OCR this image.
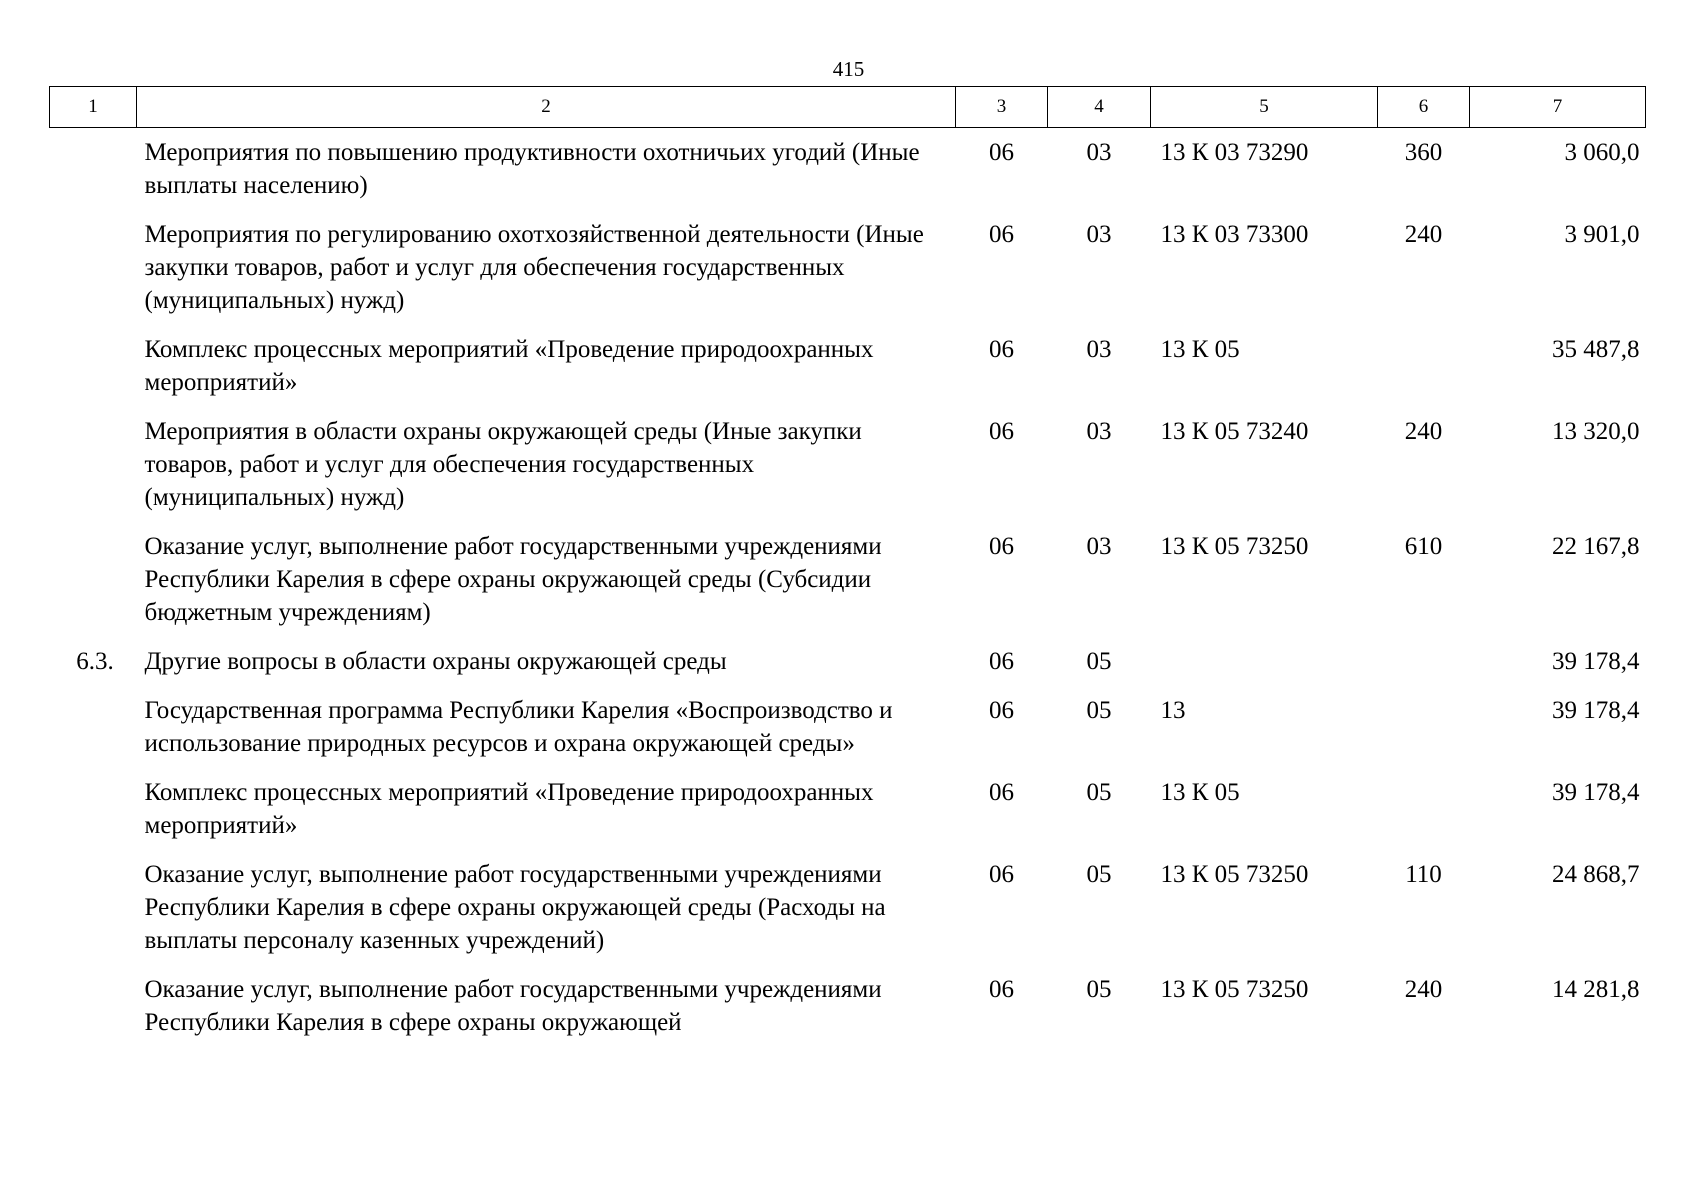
415
1	2	3	4	5	6	7
	Мероприятия по повышению продуктивности охотничьих угодий (Иные выплаты населению)	06	03	13 К 03 73290	360	3 060,0
	Мероприятия по регулированию охотхозяйственной деятельности (Иные закупки товаров, работ и услуг для обеспечения государственных (муниципальных) нужд)	06	03	13 К 03 73300	240	3 901,0
	Комплекс процессных мероприятий «Проведение природоохранных мероприятий»	06	03	13 К 05		35 487,8
	Мероприятия в области охраны окружающей среды (Иные закупки товаров, работ и услуг для обеспечения государственных (муниципальных) нужд)	06	03	13 К 05 73240	240	13 320,0
	Оказание услуг, выполнение работ государственными учреждениями Республики Карелия в сфере охраны окружающей среды (Субсидии бюджетным учреждениям)	06	03	13 К 05 73250	610	22 167,8
6.3.	Другие вопросы в области охраны окружающей среды	06	05			39 178,4
	Государственная программа Республики Карелия «Воспроизводство и использование природных ресурсов и охрана окружающей среды»	06	05	13		39 178,4
	Комплекс процессных мероприятий «Проведение природоохранных мероприятий»	06	05	13 К 05		39 178,4
	Оказание услуг, выполнение работ государственными учреждениями Республики Карелия в сфере охраны окружающей среды (Расходы на выплаты персоналу казенных учреждений)	06	05	13 К 05 73250	110	24 868,7
	Оказание услуг, выполнение работ государственными учреждениями Республики Карелия в сфере охраны окружающей	06	05	13 К 05 73250	240	14 281,8
